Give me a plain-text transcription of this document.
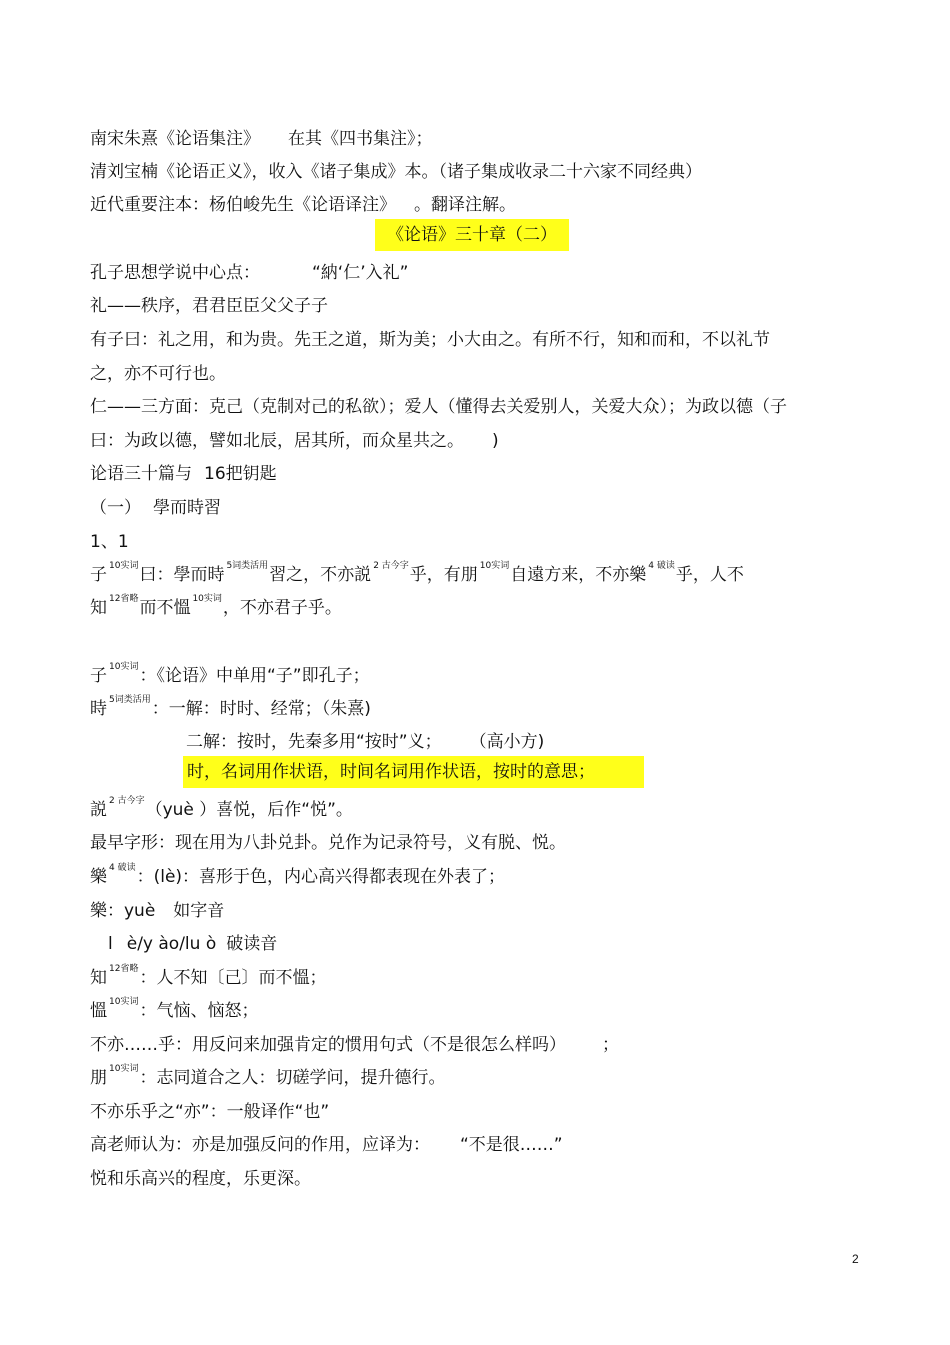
南宋朱熹《论语集注》 在其《四书集注》；
清刘宝楠《论语正义》，收入《诸子集成》本。（诸子集成收录二十六家不同经典）
近代重要注本：杨伯峻先生《论语译注》 。翻译注解。
《论语》三十章（二）
孔子思想学说中心点：	“納‘仁’入礼”
礼——秩序，君君臣臣父父子子
有子曰：礼之用，和为贵。先王之道，斯为美；小大由之。有所不行，知和而和，不以礼节
之，亦不可行也。
仁——三方面：克己（克制对己的私欲）；爱人（懂得去关爱别人，关爱大众）；为政以德（子
曰：为政以德，譬如北辰，居其所，而众星共之。 )
论语三十篇与 16把钥匙
（一） 學而時習
1、1
子 $^{10实词}$曰：學而時 $^{5词类活用}$習之，不亦説 $^{2 古今字}$乎，有朋 $^{10实词}$自遠方来，不亦樂 $^{4 破读}$乎，人不
知 $^{12省略}$而不慍 $^{10实词}$，不亦君子乎。
子 $^{10实词}$：《论语》中单用“子”即孔子；
時 $^{5词类活用}$：一解：时时、经常；（朱熹)
二解：按时，先秦多用“按时”义； （高小方)
时，名词用作状语，时间名词用作状语，按时的意思；
説 $^{2 古今字}$（yuè ）喜悦，后作“悦”。
最早字形：现在用为八卦兑卦。兑作为记录符号，义有脱、悦。
樂 $^{4 破读}$：(lè)：喜形于色，内心高兴得都表现在外表了；
樂：yuè 如字音
l è/y ào/lu ò 破读音
知 $^{12省略}$：人不知〔己〕而不慍；
慍 $^{10实词}$：气恼、恼怒；
不亦……乎：用反问来加强肯定的惯用句式（不是很怎么样吗） ；
朋 $^{10实词}$：志同道合之人：切磋学问，提升德行。
不亦乐乎之“亦”：一般译作“也”
高老师认为：亦是加强反问的作用，应译为： “不是很……”
悦和乐高兴的程度，乐更深。
2
